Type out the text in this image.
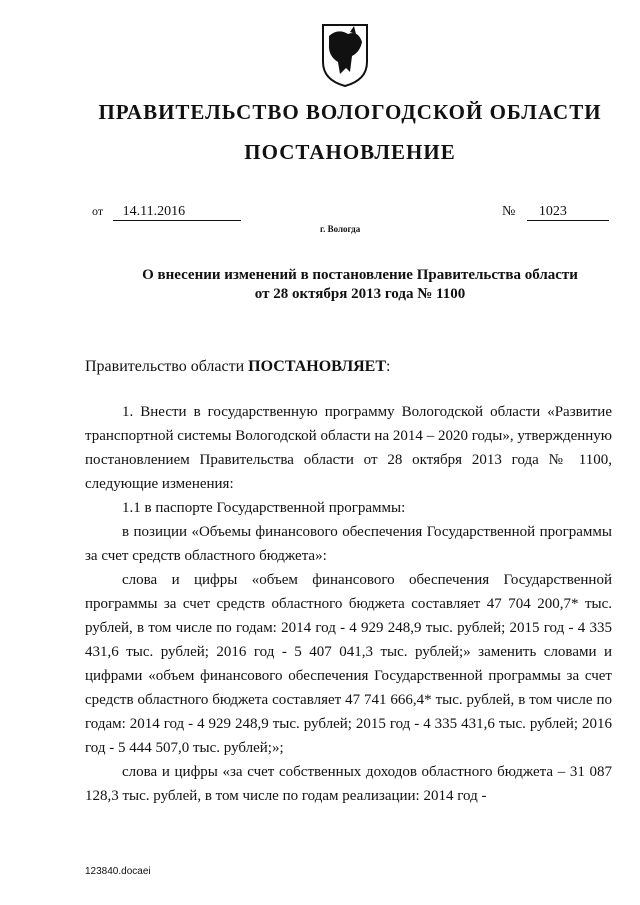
ПРАВИТЕЛЬСТВО ВОЛОГОДСКОЙ ОБЛАСТИ
ПОСТАНОВЛЕНИЕ
от 14.11.2016	№ 1023
г. Вологда
О внесении изменений в постановление Правительства области
от 28 октября 2013 года № 1100
Правительство области ПОСТАНОВЛЯЕТ:

1. Внести в государственную программу Вологодской области «Развитие транспортной системы Вологодской области на 2014 – 2020 годы», утвержденную постановлением Правительства области от 28 октября 2013 года № 1100, следующие изменения:

1.1 в паспорте Государственной программы:

в позиции «Объемы финансового обеспечения Государственной программы за счет средств областного бюджета»:

слова и цифры «объем финансового обеспечения Государственной программы за счет средств областного бюджета составляет 47 704 200,7* тыс. рублей, в том числе по годам: 2014 год - 4 929 248,9 тыс. рублей; 2015 год - 4 335 431,6 тыс. рублей; 2016 год - 5 407 041,3 тыс. рублей;» заменить словами и цифрами «объем финансового обеспечения Государственной программы за счет средств областного бюджета составляет 47 741 666,4* тыс. рублей, в том числе по годам: 2014 год - 4 929 248,9 тыс. рублей; 2015 год - 4 335 431,6 тыс. рублей; 2016 год - 5 444 507,0 тыс. рублей;»;

слова и цифры «за счет собственных доходов областного бюджета – 31 087 128,3 тыс. рублей, в том числе по годам реализации: 2014 год -

123840.docaei
